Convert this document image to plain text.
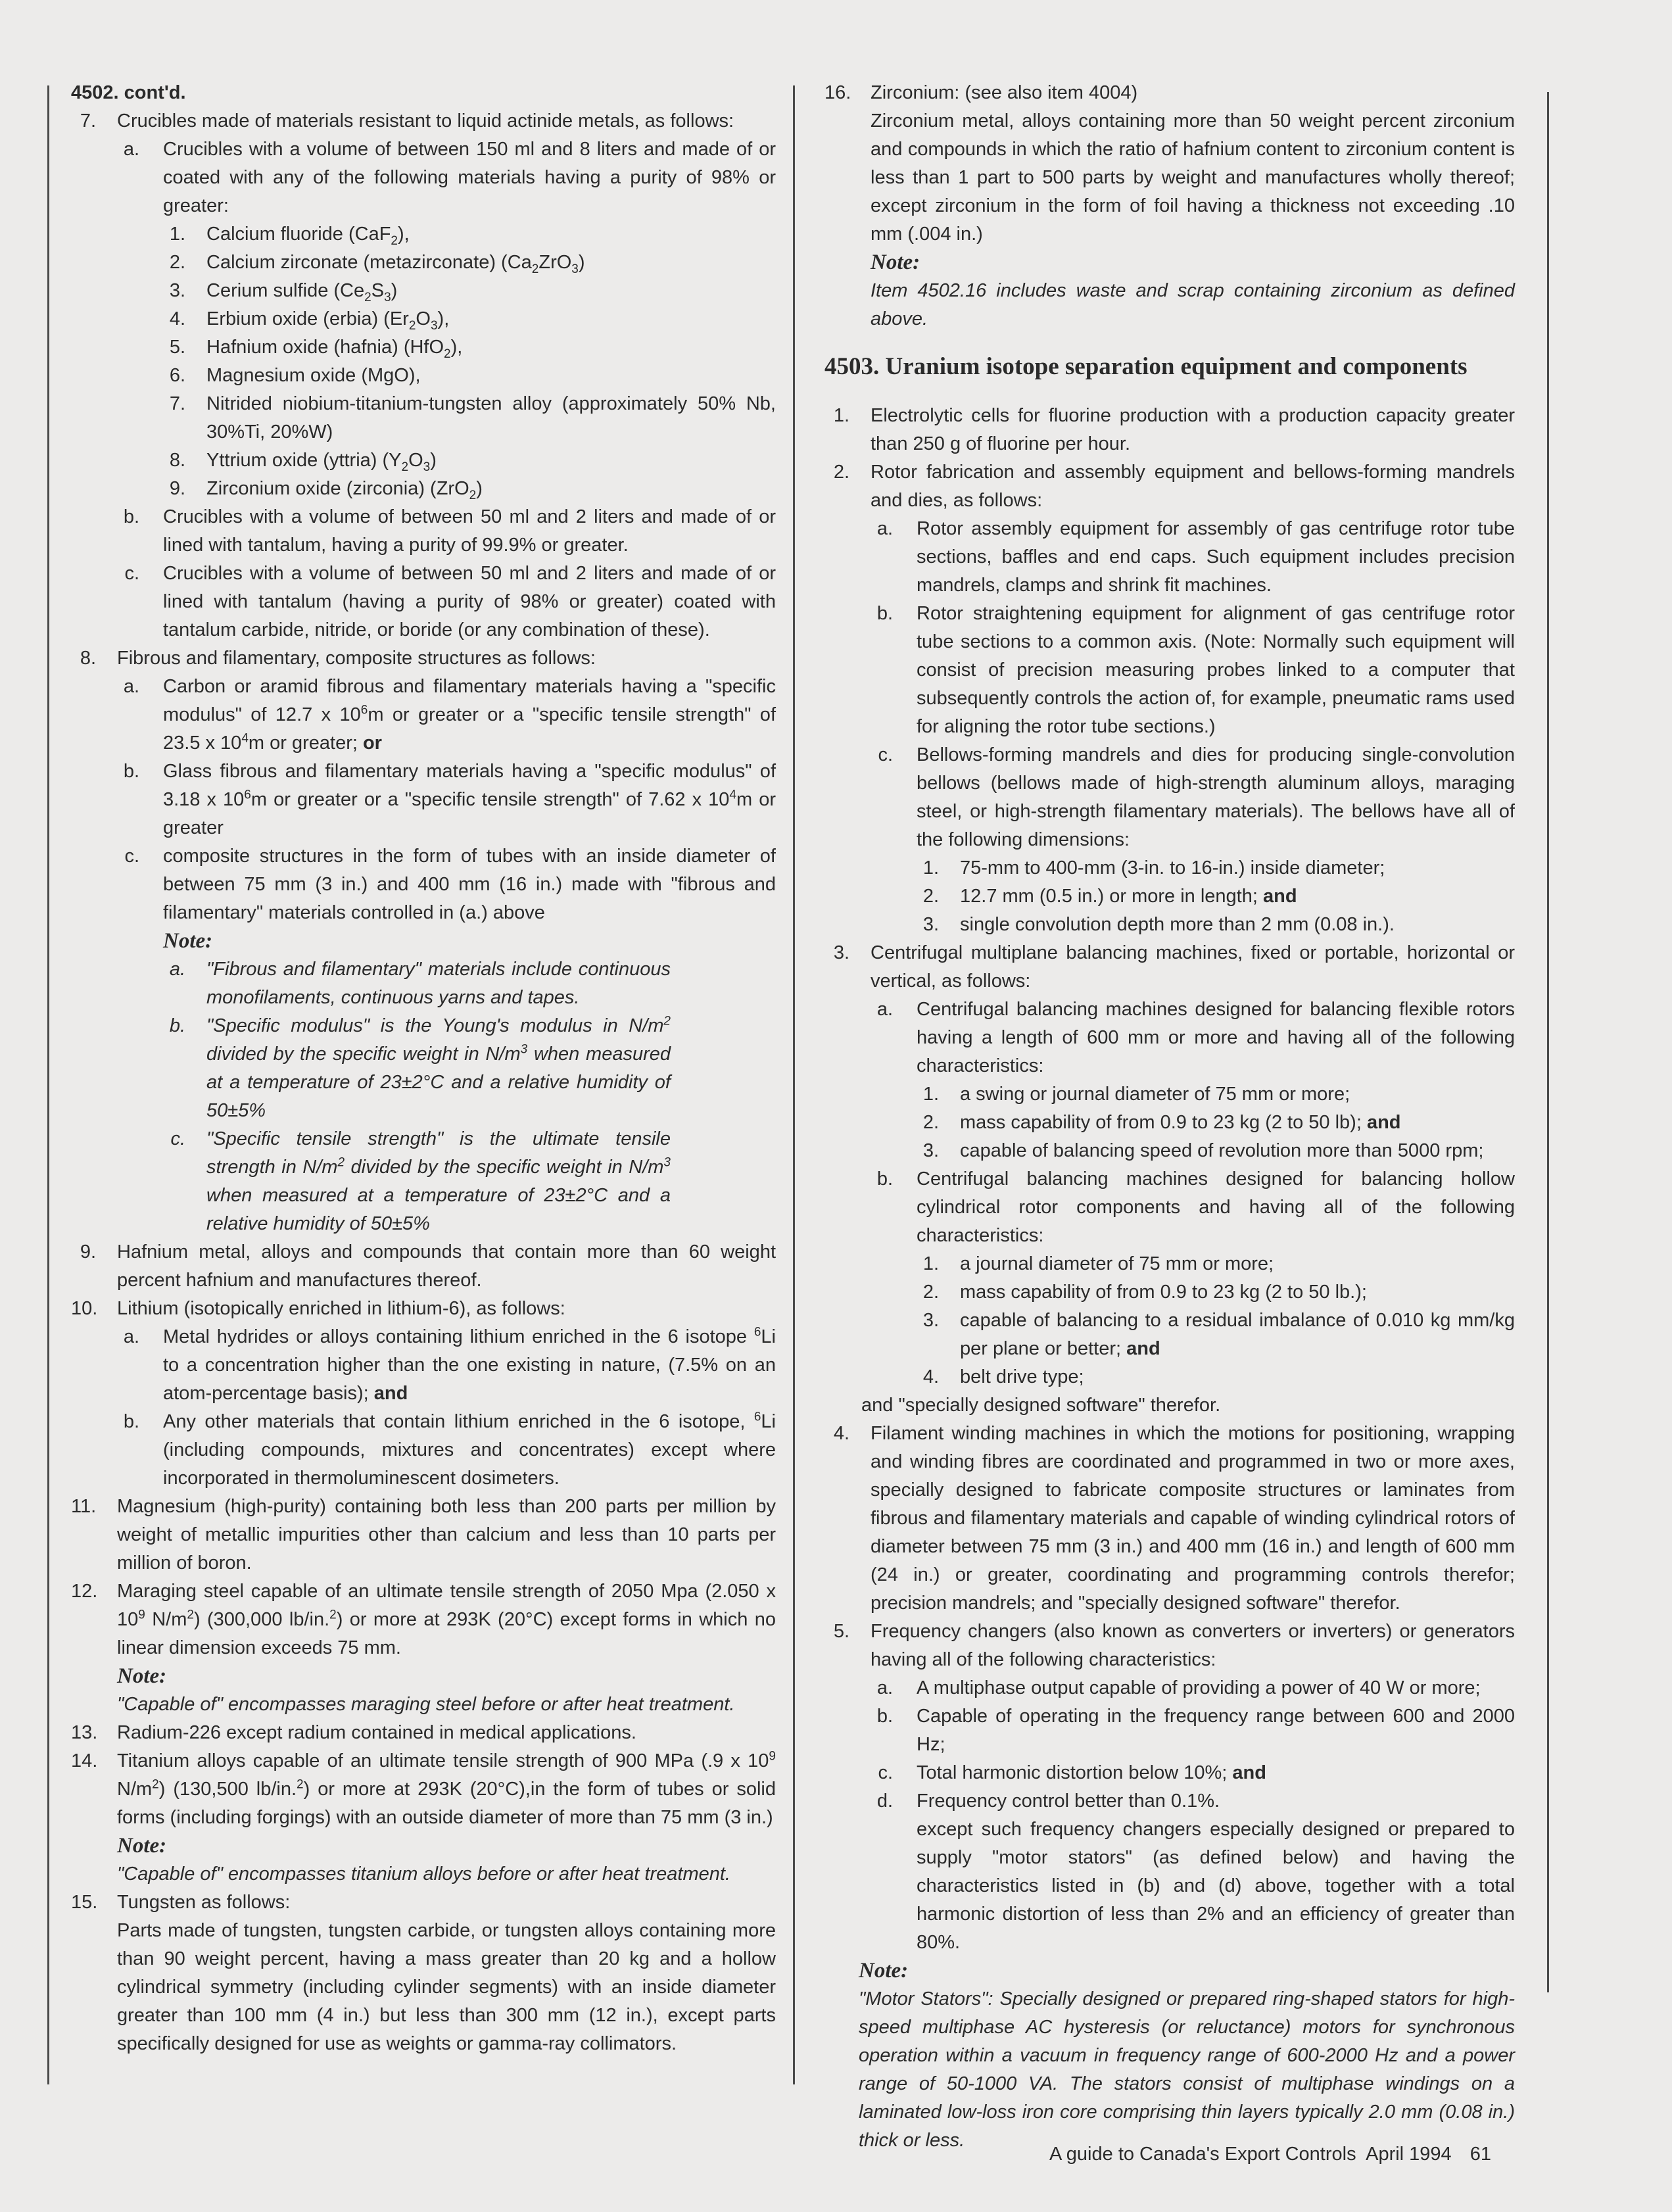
4502. cont'd.
7. Crucibles made of materials resistant to liquid actinide metals, as follows:
a. Crucibles with a volume of between 150 ml and 8 liters and made of or coated with any of the following materials having a purity of 98% or greater:
1. Calcium fluoride (CaF$_2$),
2. Calcium zirconate (metazirconate) $(Ca_2ZrO_3)$
3. Cerium sulfide $(Ce_2S_3)$
4. Erbium oxide (erbia) $(Er_2O_3)$,
5. Hafnium oxide (hafnia) (HfO$_2$),
6. Magnesium oxide (MgO),
7. Nitrided niobium-titanium-tungsten alloy (approximately 50% Nb, 30%Ti, 20%W)
8. Yttrium oxide (yttria) $(Y_2O_3)$
9. Zirconium oxide (zirconia) (ZrO$_2$)
b. Crucibles with a volume of between 50 ml and 2 liters and made of or lined with tantalum, having a purity of 99.9% or greater.
c. Crucibles with a volume of between 50 ml and 2 liters and made of or lined with tantalum (having a purity of 98% or greater) coated with tantalum carbide, nitride, or boride (or any combination of these).
8. Fibrous and filamentary, composite structures as follows:
a. Carbon or aramid fibrous and filamentary materials having a "specific modulus" of 12.7 x $10^6m$ or greater or a "specific tensile strength" of 23.5 x $10^4m$ or greater; or
b. Glass fibrous and filamentary materials having a "specific modulus" of 3.18 x $10^6m$ or greater or a "specific tensile strength" of 7.62 x $10^4m$ or greater
c. composite structures in the form of tubes with an inside diameter of between 75 mm (3 in.) and 400 mm (16 in.) made with "fibrous and filamentary" materials controlled in (a.) above
Note:
a. "Fibrous and filamentary" materials include continuous monofilaments, continuous yarns and tapes.
b. "Specific modulus" is the Young's modulus in $N/m^2$ divided by the specific weight in $N/m^3$ when measured at a temperature of 23±2°C and a relative humidity of 50±5%
c. "Specific tensile strength" is the ultimate tensile strength in $N/m^2$ divided by the specific weight in $N/m^3$ when measured at a temperature of 23±2°C and a relative humidity of 50±5%
9. Hafnium metal, alloys and compounds that contain more than 60 weight percent hafnium and manufactures thereof.
10. Lithium (isotopically enriched in lithium-6), as follows:
a. Metal hydrides or alloys containing lithium enriched in the 6 isotope $^6$Li to a concentration higher than the one existing in nature, (7.5% on an atom-percentage basis); and
b. Any other materials that contain lithium enriched in the 6 isotope, $^6$Li (including compounds, mixtures and concentrates) except where incorporated in thermoluminescent dosimeters.
11. Magnesium (high-purity) containing both less than 200 parts per million by weight of metallic impurities other than calcium and less than 10 parts per million of boron.
12. Maraging steel capable of an ultimate tensile strength of 2050 Mpa (2.050 x $10^9$ $N/m^2$) (300,000 lb/in.$^2$) or more at 293K (20°C) except forms in which no linear dimension exceeds 75 mm.
Note:
"Capable of" encompasses maraging steel before or after heat treatment.
13. Radium-226 except radium contained in medical applications.
14. Titanium alloys capable of an ultimate tensile strength of 900 MPa (.9 x $10^9$ $N/m^2$) (130,500 lb/in.$^2$) or more at 293K (20°C),in the form of tubes or solid forms (including forgings) with an outside diameter of more than 75 mm (3 in.)
Note:
"Capable of" encompasses titanium alloys before or after heat treatment.
15. Tungsten as follows:
Parts made of tungsten, tungsten carbide, or tungsten alloys containing more than 90 weight percent, having a mass greater than 20 kg and a hollow cylindrical symmetry (including cylinder segments) with an inside diameter greater than 100 mm (4 in.) but less than 300 mm (12 in.), except parts specifically designed for use as weights or gamma-ray collimators.
16. Zirconium: (see also item 4004)
Zirconium metal, alloys containing more than 50 weight percent zirconium and compounds in which the ratio of hafnium content to zirconium content is less than 1 part to 500 parts by weight and manufactures wholly thereof; except zirconium in the form of foil having a thickness not exceeding .10 mm (.004 in.)
Note:
Item 4502.16 includes waste and scrap containing zirconium as defined above.
4503. Uranium isotope separation equipment and components
1. Electrolytic cells for fluorine production with a production capacity greater than 250 g of fluorine per hour.
2. Rotor fabrication and assembly equipment and bellows-forming mandrels and dies, as follows:
a. Rotor assembly equipment for assembly of gas centrifuge rotor tube sections, baffles and end caps. Such equipment includes precision mandrels, clamps and shrink fit machines.
b. Rotor straightening equipment for alignment of gas centrifuge rotor tube sections to a common axis. (Note: Normally such equipment will consist of precision measuring probes linked to a computer that subsequently controls the action of, for example, pneumatic rams used for aligning the rotor tube sections.)
c. Bellows-forming mandrels and dies for producing single-convolution bellows (bellows made of high-strength aluminum alloys, maraging steel, or high-strength filamentary materials). The bellows have all of the following dimensions:
1. 75-mm to 400-mm (3-in. to 16-in.) inside diameter;
2. 12.7 mm (0.5 in.) or more in length; and
3. single convolution depth more than 2 mm (0.08 in.).
3. Centrifugal multiplane balancing machines, fixed or portable, horizontal or vertical, as follows:
a. Centrifugal balancing machines designed for balancing flexible rotors having a length of 600 mm or more and having all of the following characteristics:
1. a swing or journal diameter of 75 mm or more;
2. mass capability of from 0.9 to 23 kg (2 to 50 lb); and
3. capable of balancing speed of revolution more than 5000 rpm;
b. Centrifugal balancing machines designed for balancing hollow cylindrical rotor components and having all of the following characteristics:
1. a journal diameter of 75 mm or more;
2. mass capability of from 0.9 to 23 kg (2 to 50 lb.);
3. capable of balancing to a residual imbalance of 0.010 kg mm/kg per plane or better; and
4. belt drive type;
and "specially designed software" therefor.
4. Filament winding machines in which the motions for positioning, wrapping and winding fibres are coordinated and programmed in two or more axes, specially designed to fabricate composite structures or laminates from fibrous and filamentary materials and capable of winding cylindrical rotors of diameter between 75 mm (3 in.) and 400 mm (16 in.) and length of 600 mm (24 in.) or greater, coordinating and programming controls therefor; precision mandrels; and "specially designed software" therefor.
5. Frequency changers (also known as converters or inverters) or generators having all of the following characteristics:
a. A multiphase output capable of providing a power of 40 W or more;
b. Capable of operating in the frequency range between 600 and 2000 Hz;
c. Total harmonic distortion below 10%; and
d. Frequency control better than 0.1%.
except such frequency changers especially designed or prepared to supply "motor stators" (as defined below) and having the characteristics listed in (b) and (d) above, together with a total harmonic distortion of less than 2% and an efficiency of greater than 80%.
Note:
"Motor Stators": Specially designed or prepared ring-shaped stators for high-speed multiphase AC hysteresis (or reluctance) motors for synchronous operation within a vacuum in frequency range of 600-2000 Hz and a power range of 50-1000 VA. The stators consist of multiphase windings on a laminated low-loss iron core comprising thin layers typically 2.0 mm (0.08 in.) thick or less.
A guide to Canada's Export Controls  April 1994 61
